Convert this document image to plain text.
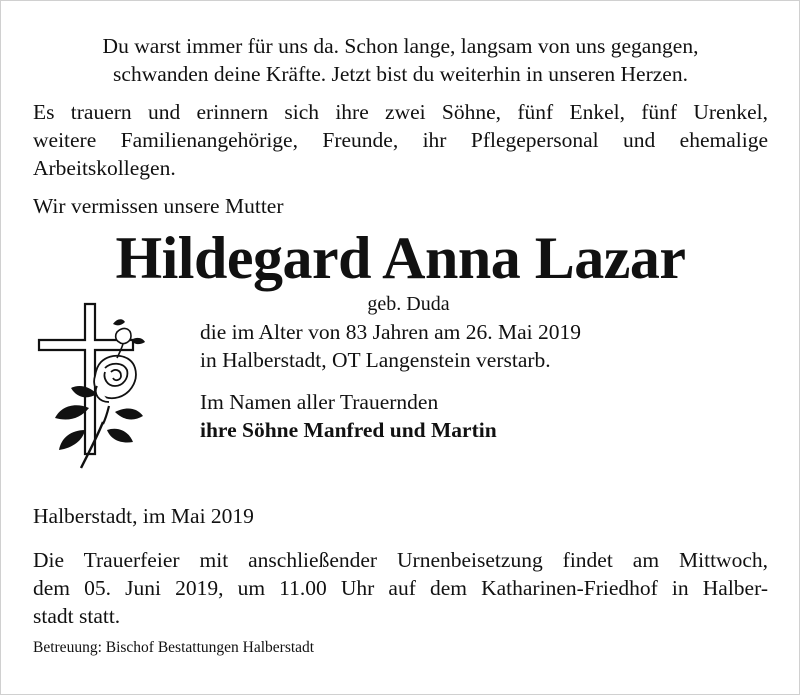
Du warst immer für uns da. Schon lange, langsam von uns gegangen,
schwanden deine Kräfte. Jetzt bist du weiterhin in unseren Herzen.
Es trauern und erinnern sich ihre zwei Söhne, fünf Enkel, fünf Urenkel,
weitere Familienangehörige, Freunde, ihr Pflegepersonal und ehemalige
Arbeitskollegen.

Wir vermissen unsere Mutter

Hildegard Anna Lazar
geb. Duda

die im Alter von 83 Jahren am 26. Mai 2019

in Halberstadt, OT Langenstein verstarb.

Im Namen aller Trauernden

ihre Söhne Manfred und Martin

Halberstadt, im Mai 2019

Die Trauerfeier mit anschließender Urnenbeisetzung findet am Mittwoch,
dem 05. Juni 2019, um 11.00 Uhr auf dem Katharinen-Friedhof in Halber-
stadt statt.

Betreuung: Bischof Bestattungen Halberstadt
